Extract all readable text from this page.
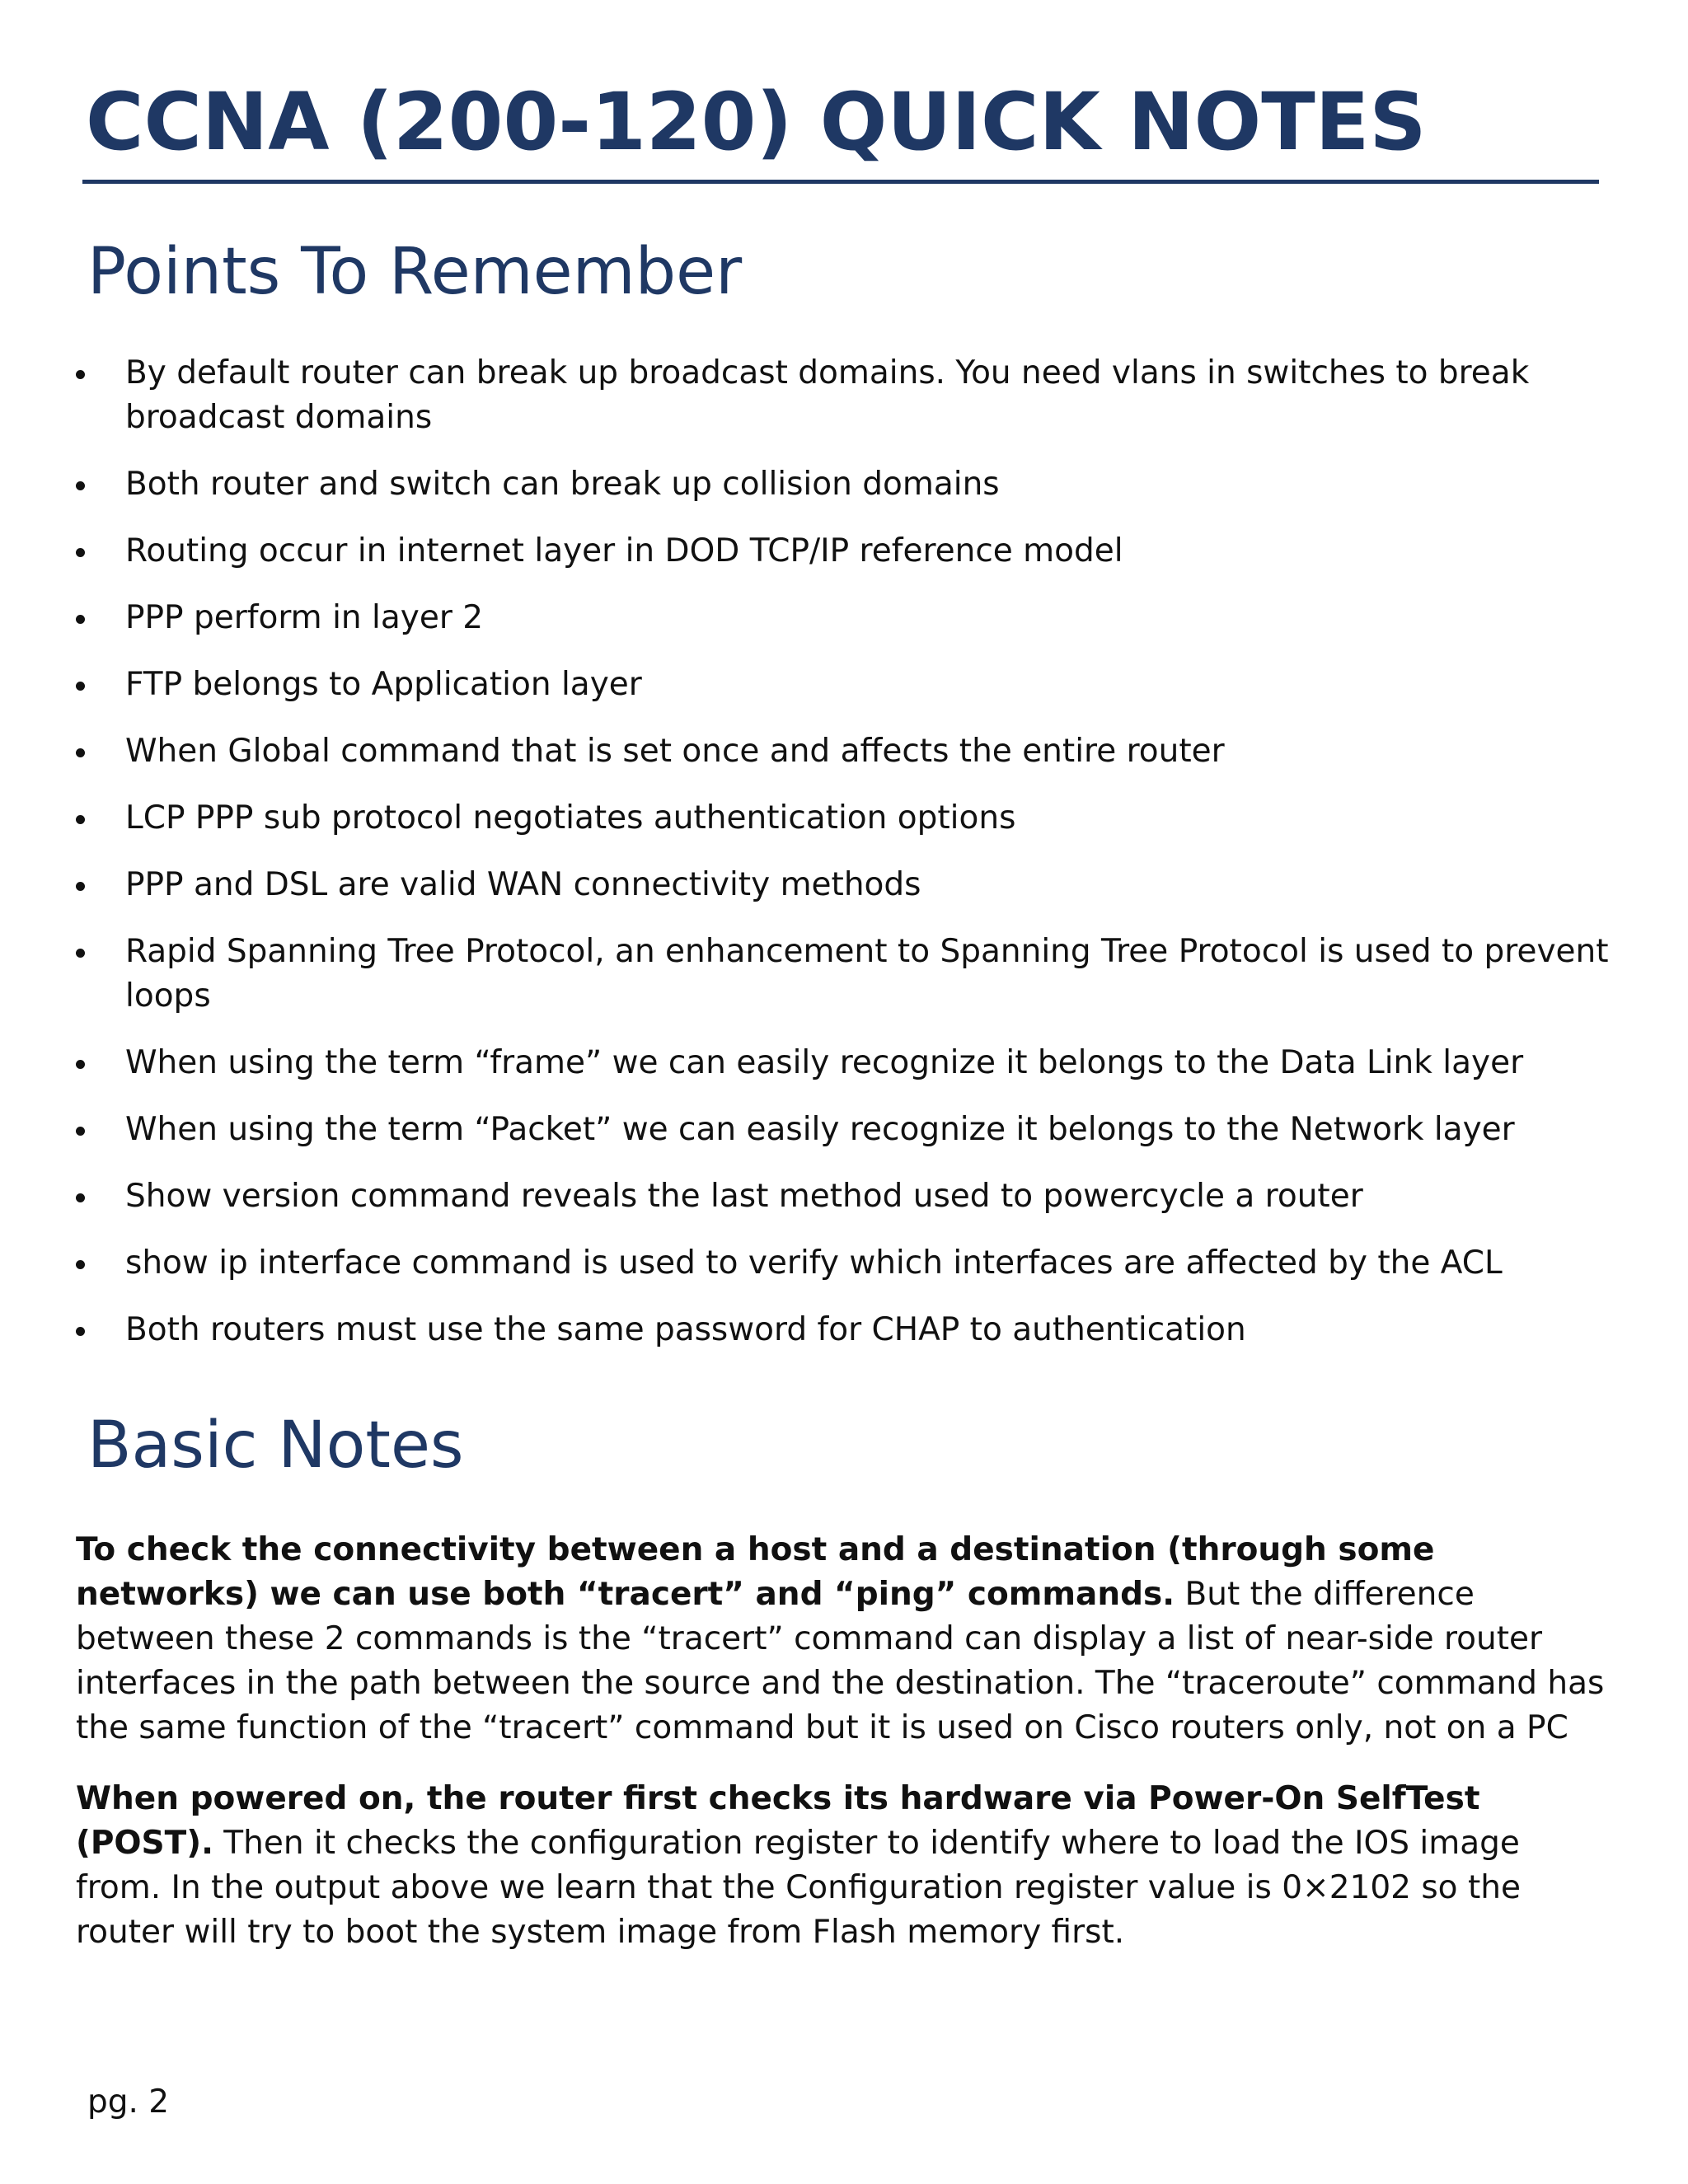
CCNA (200-120) QUICK NOTES
Points To Remember
By default router can break up broadcast domains. You need vlans in switches to break broadcast domains
Both router and switch can break up collision domains
Routing occur in internet layer in DOD TCP/IP reference model
PPP perform in layer 2
FTP belongs to Application layer
When Global command that is set once and affects the entire router
LCP PPP sub protocol negotiates authentication options
PPP and DSL are valid WAN connectivity methods
Rapid Spanning Tree Protocol, an enhancement to Spanning Tree Protocol is used to prevent loops
When using the term “frame” we can easily recognize it belongs to the Data Link layer
When using the term “Packet” we can easily recognize it belongs to the Network layer
Show version command reveals the last method used to powercycle a router
show ip interface command is used to verify which interfaces are affected by the ACL
Both routers must use the same password for CHAP to authentication
Basic Notes

To check the connectivity between a host and a destination (through some networks) we can use both “tracert” and “ping” commands. But the difference between these 2 commands is the “tracert” command can display a list of near-side router interfaces in the path between the source and the destination. The “traceroute” command has the same function of the “tracert” command but it is used on Cisco routers only, not on a PC

When powered on, the router first checks its hardware via Power-On SelfTest (POST). Then it checks the configuration register to identify where to load the IOS image from. In the output above we learn that the Configuration register value is 0×2102 so the router will try to boot the system image from Flash memory first.

pg. 2
